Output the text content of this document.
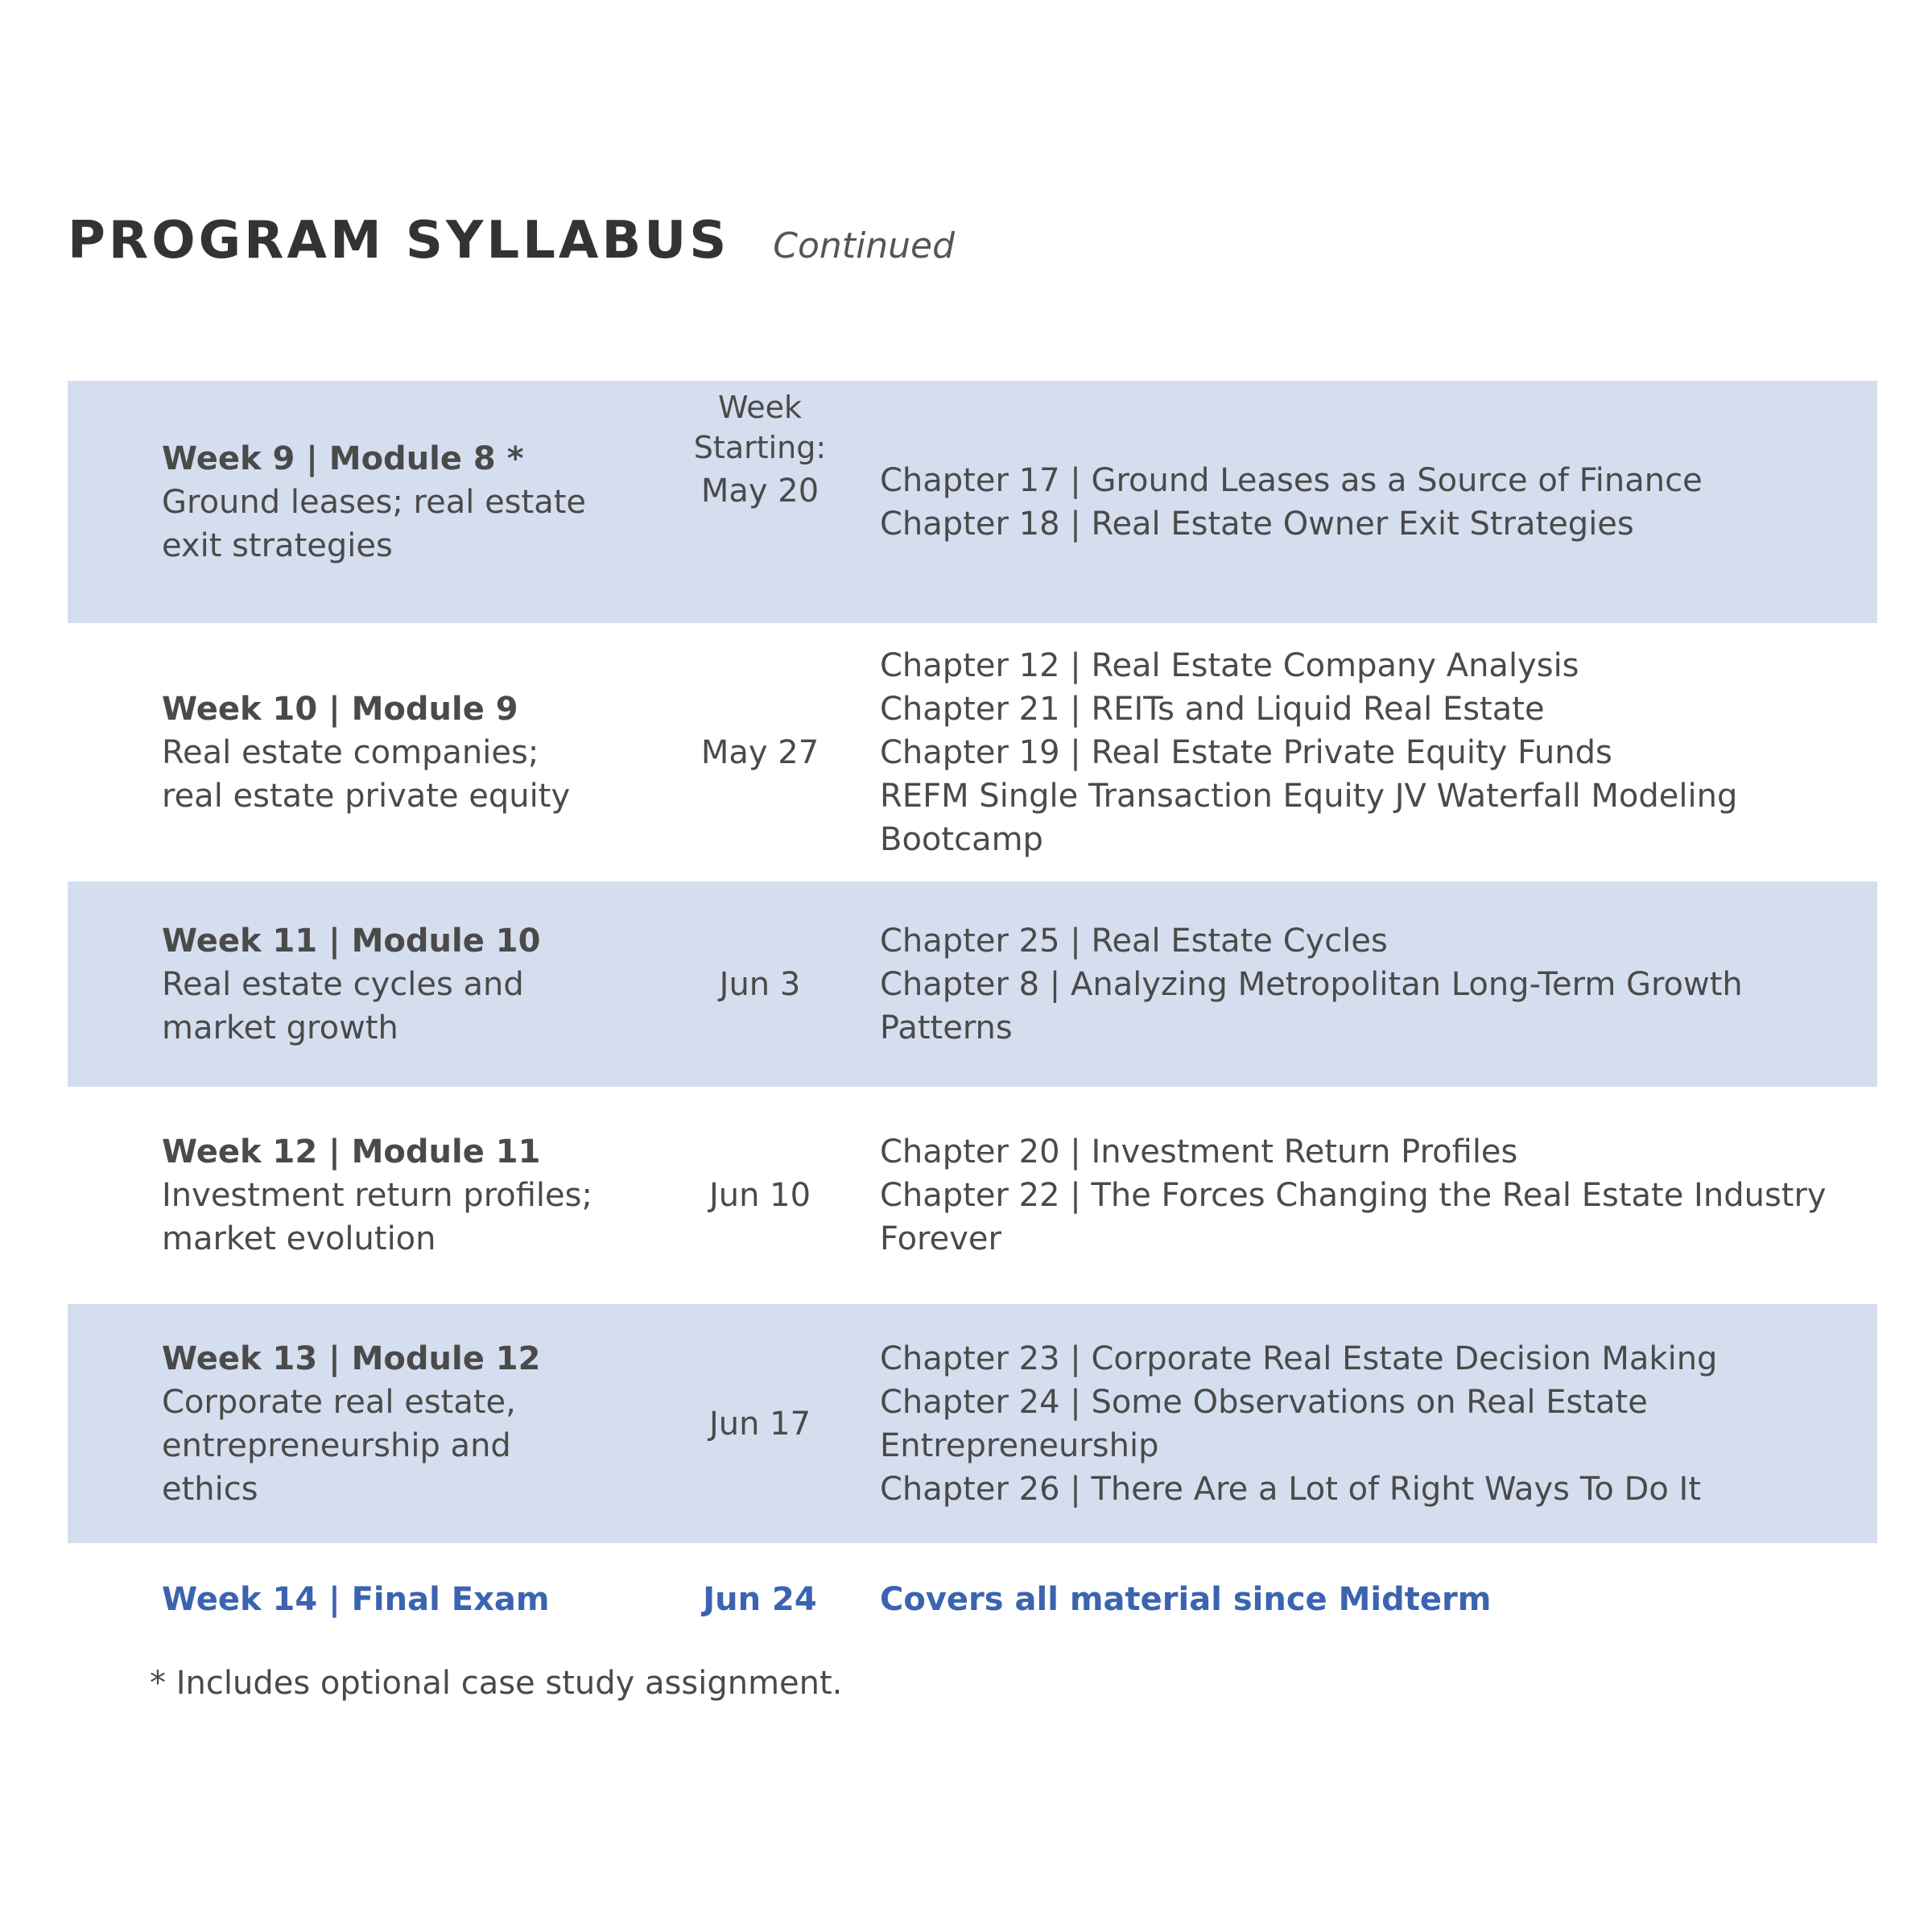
PROGRAM SYLLABUS Continued
Week 9 | Module 8 *
Ground leases; real estate
exit strategies
Week
Starting:
May 20 Chapter 17 | Ground Leases as a Source of Finance
Chapter 18 | Real Estate Owner Exit Strategies
Week 10 | Module 9
Real estate companies;
real estate private equity
May 27
Chapter 12 | Real Estate Company Analysis
Chapter 21 | REITs and Liquid Real Estate
Chapter 19 | Real Estate Private Equity Funds
REFM Single Transaction Equity JV Waterfall Modeling Bootcamp
Week 11 | Module 10
Real estate cycles and
market growth
Jun 3
Chapter 25 | Real Estate Cycles
Chapter 8 | Analyzing Metropolitan Long-Term Growth Patterns
Week 12 | Module 11
Investment return profiles;
market evolution
Jun 10
Chapter 20 | Investment Return Profiles
Chapter 22 | The Forces Changing the Real Estate Industry
Forever
Week 13 | Module 12
Corporate real estate,
entrepreneurship and
ethics
Jun 17
Chapter 23 | Corporate Real Estate Decision Making
Chapter 24 | Some Observations on Real Estate
Entrepreneurship
Chapter 26 | There Are a Lot of Right Ways To Do It
Week 14 | Final Exam	Jun 24 Covers all material since Midterm
* Includes optional case study assignment.
